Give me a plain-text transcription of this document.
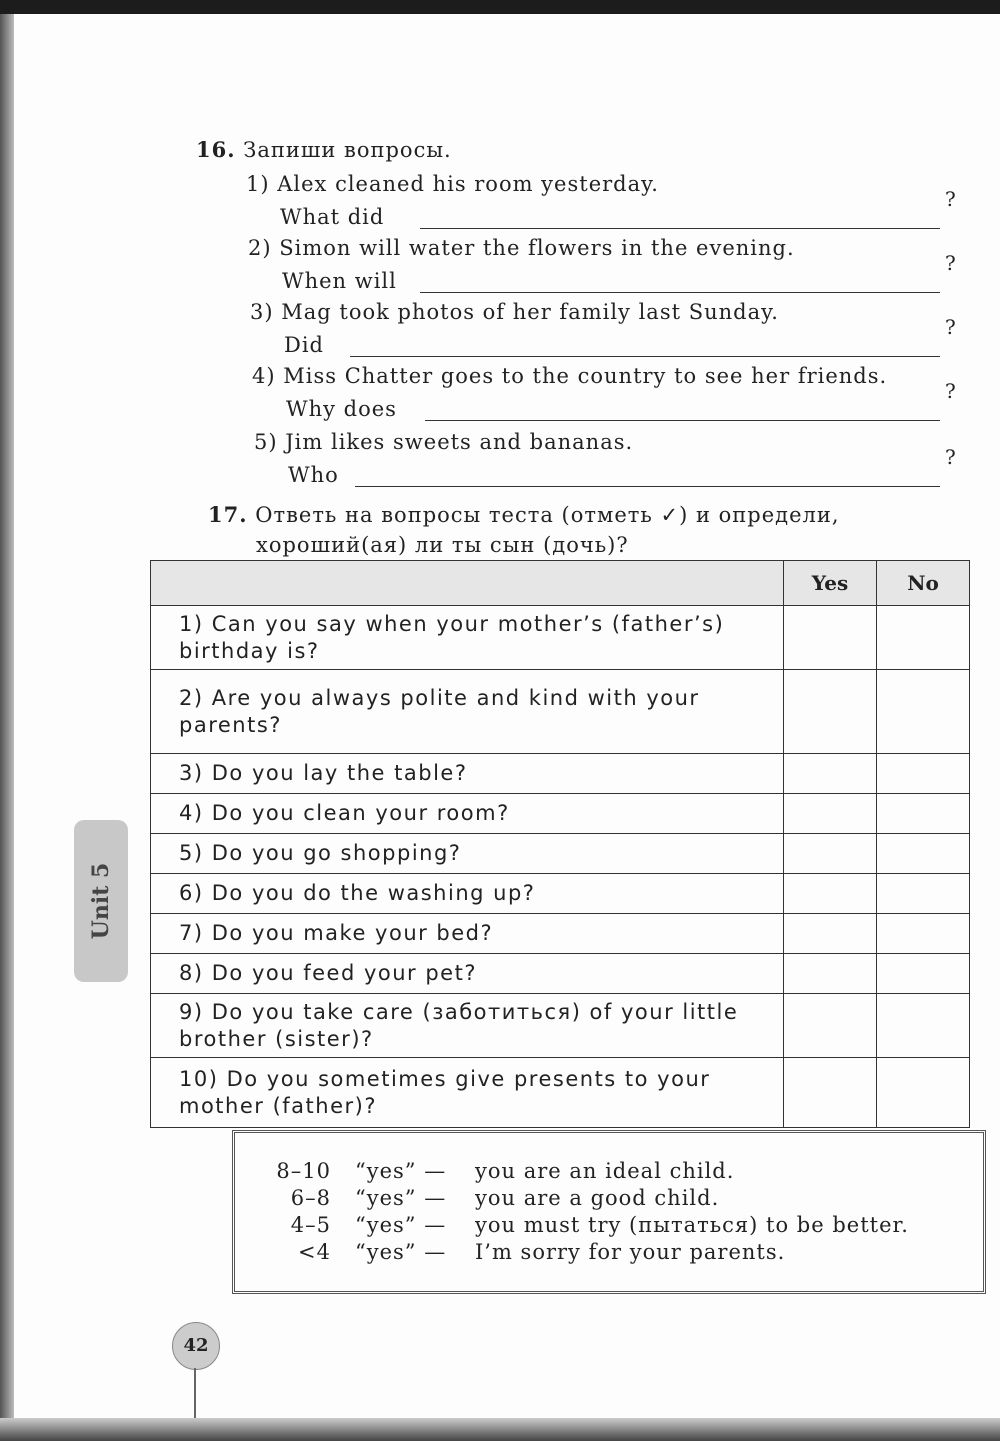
16. Запиши вопросы.
1) Alex cleaned his room yesterday.
What did
?
2) Simon will water the flowers in the evening.
When will
?
3) Mag took photos of her family last Sunday.
Did
?
4) Miss Chatter goes to the country to see her friends.
Why does
?
5) Jim likes sweets and bananas.
Who
?
17. Ответь на вопросы теста (отметь ✓) и определи,
хороший(ая) ли ты сын (дочь)?
	Yes	No
1) Can you say when your mother’s (father’s) birthday is?		
2) Are you always polite and kind with your parents?		
3) Do you lay the table?		
4) Do you clean your room?		
5) Do you go shopping?		
6) Do you do the washing up?		
7) Do you make your bed?		
8) Do you feed your pet?		
9) Do you take care (заботиться) of your little brother (sister)?		
10) Do you sometimes give presents to your mother (father)?		
8–10 “yes” — you are an ideal child.
6–8 “yes” — you are a good child.
4–5 “yes” — you must try (пытаться) to be better.
<4 “yes” — I’m sorry for your parents.
Unit 5
42
